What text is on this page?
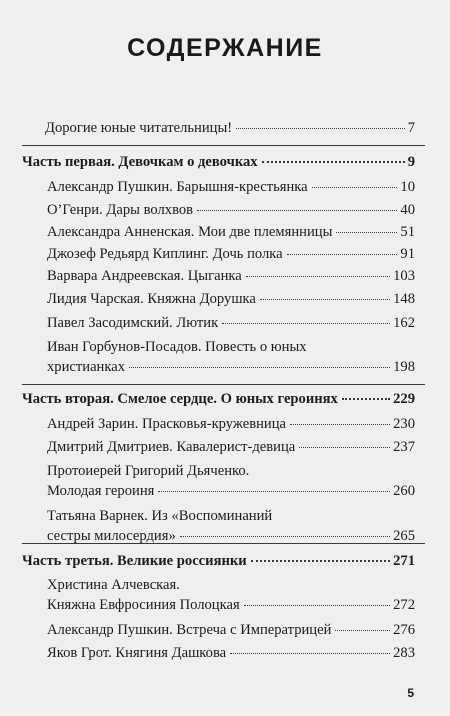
СОДЕРЖАНИЕ
Дорогие юные читательницы!	7
Часть первая. Девочкам о девочках	9
Александр Пушкин. Барышня-крестьянка	10
О’Генри. Дары волхвов	40
Александра Анненская. Мои две племянницы	51
Джозеф Редьярд Киплинг. Дочь полка	91
Варвара Андреевская. Цыганка	103
Лидия Чарская. Княжна Дорушка	148
Павел Засодимский. Лютик	162
Иван Горбунов-Посадов. Повесть о юных
христианках	198
Часть вторая. Смелое сердце. О юных героинях	229
Андрей Зарин. Прасковья-кружевница	230
Дмитрий Дмитриев. Кавалерист-девица	237
Протоиерей Григорий Дьяченко.
Молодая героиня	260
Татьяна Варнек. Из «Воспоминаний
сестры милосердия»	265
Часть третья. Великие россиянки	271
Христина Алчевская.
Княжна Евфросиния Полоцкая	272
Александр Пушкин. Встреча с Императрицей	276
Яков Грот. Княгиня Дашкова	283
5
